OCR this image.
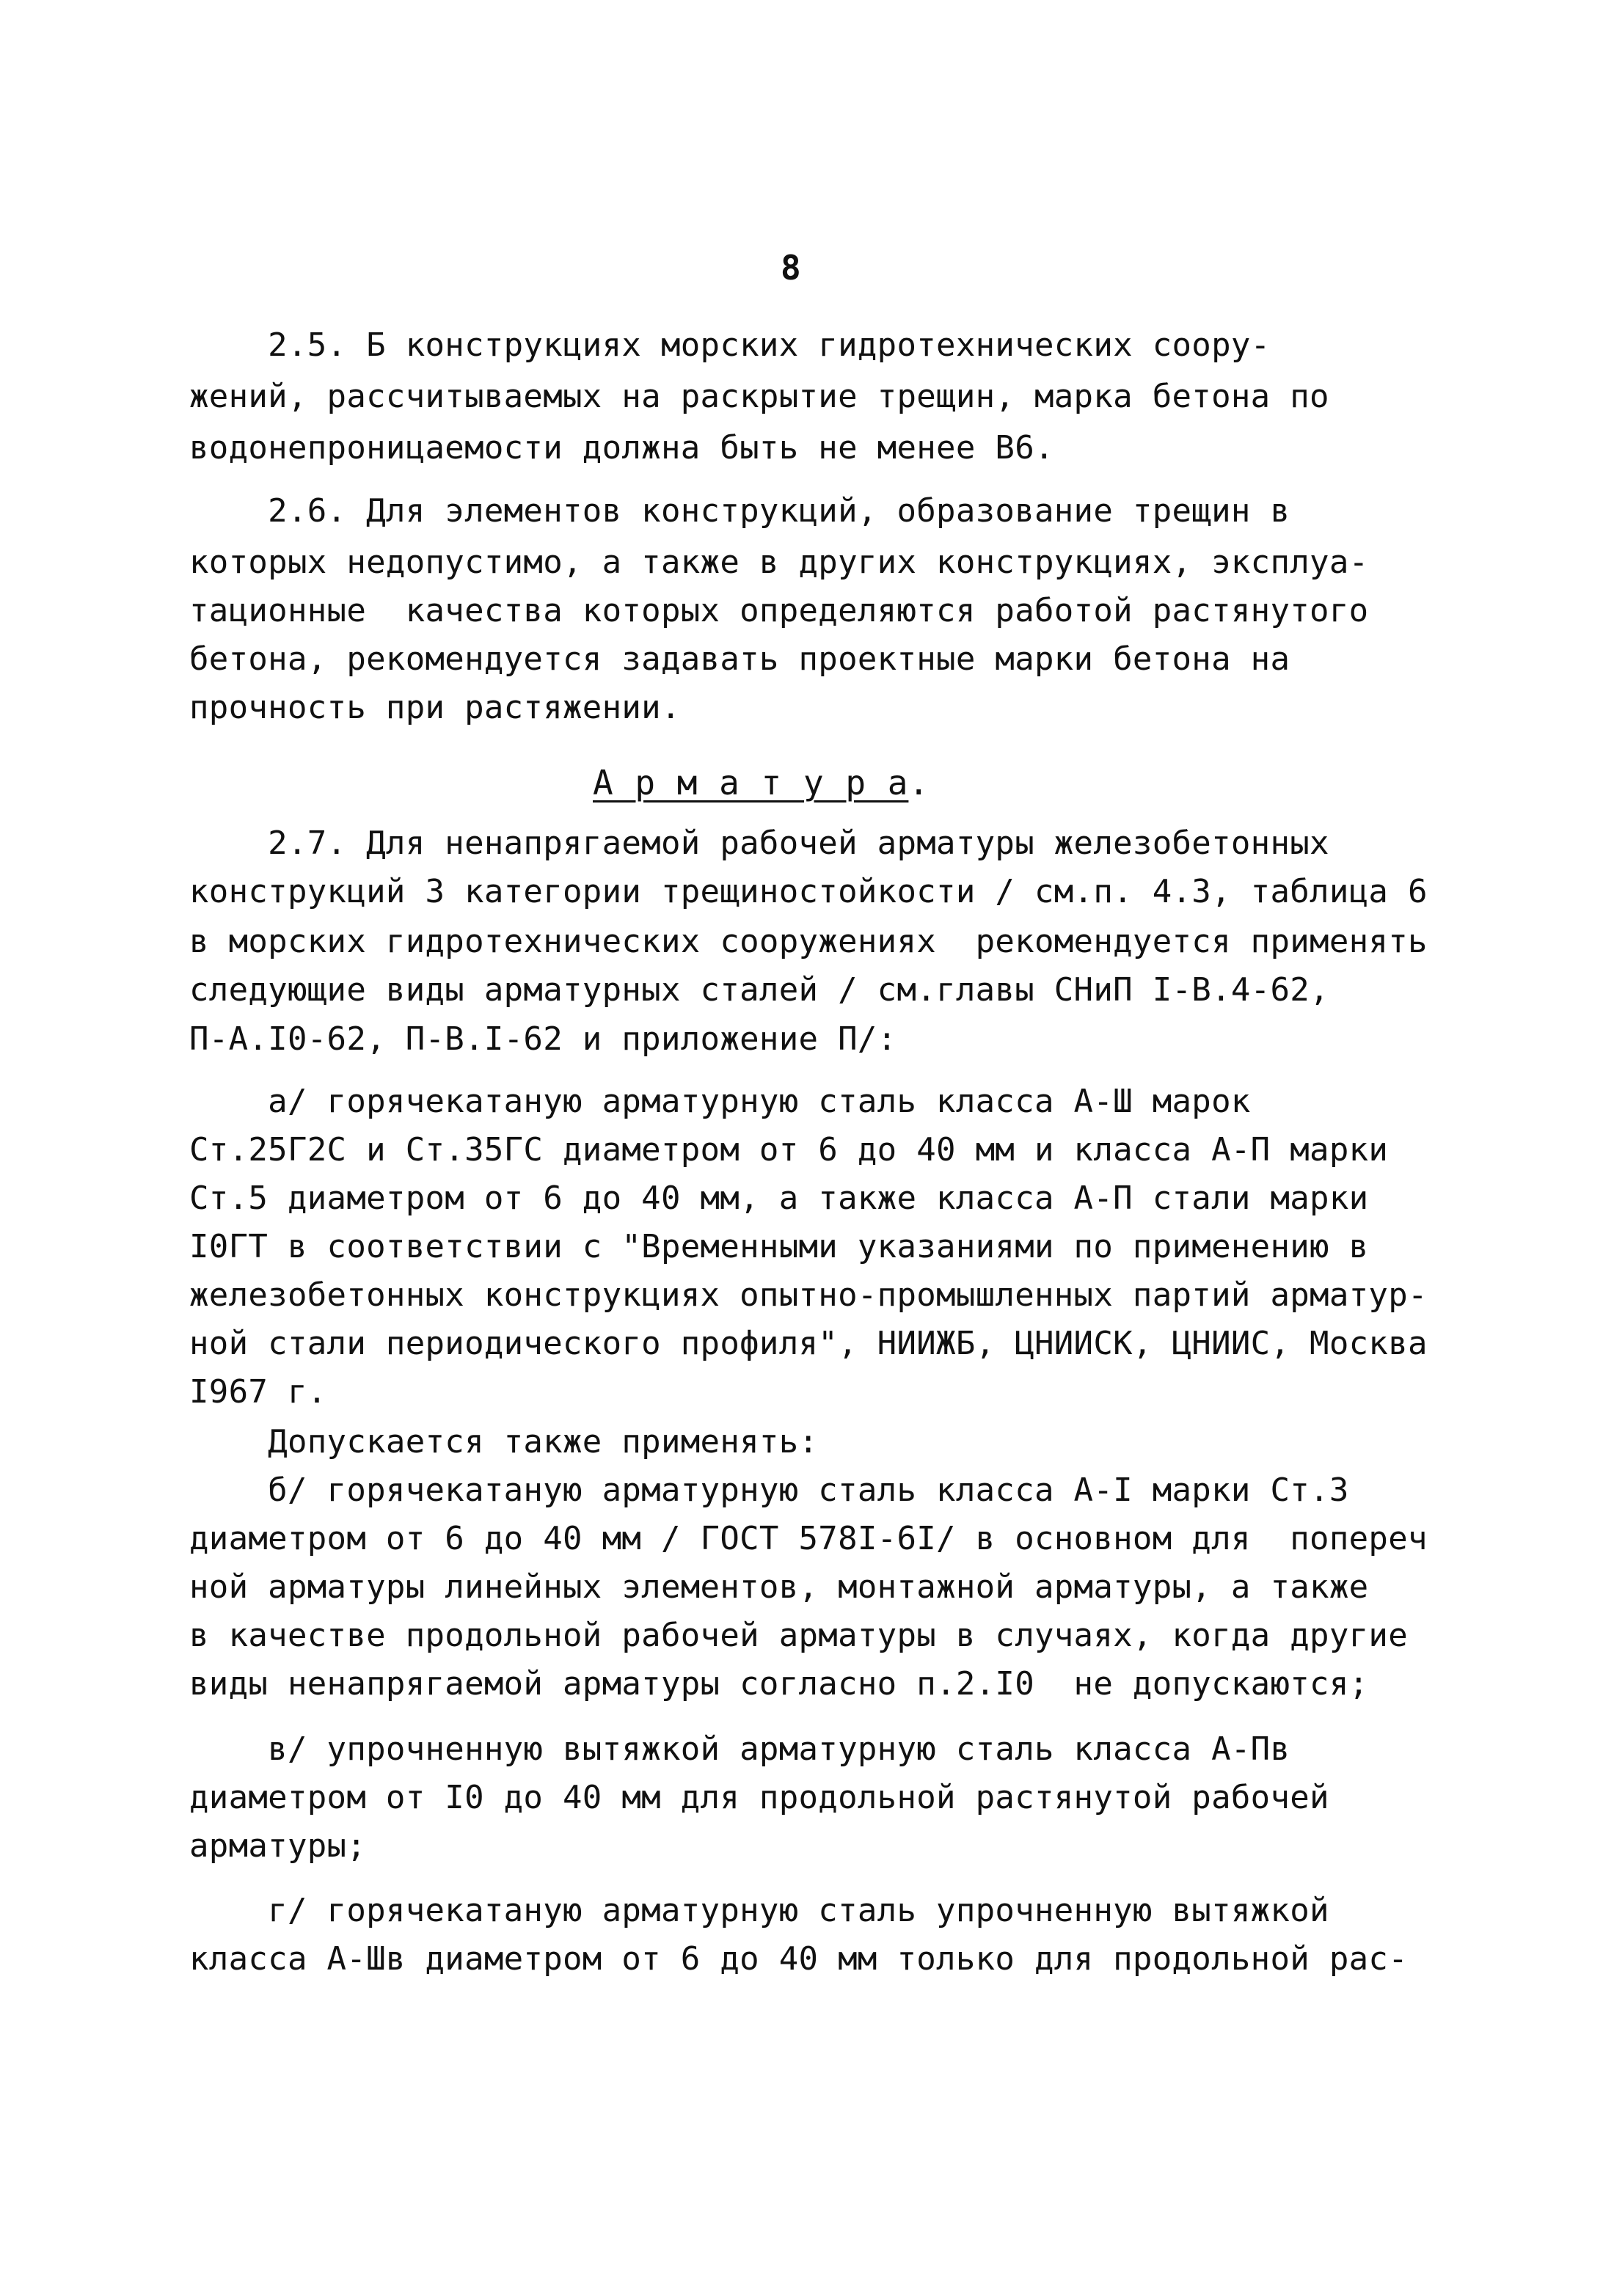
8
2.5. Б конструкциях морских гидротехнических соору-
жений, рассчитываемых на раскрытие трещин, марка бетона по
водонепроницаемости должна быть не менее В6.
2.6. Для элементов конструкций, образование трещин в
которых недопустимо, а также в других конструкциях, эксплуа-
тационные  качества которых определяются работой растянутого
бетона, рекомендуется задавать проектные марки бетона на
прочность при растяжении.
А р м а т у р а.
2.7. Для ненапрягаемой рабочей арматуры железобетонных
конструкций 3 категории трещиностойкости / см.п. 4.3, таблица 6
в морских гидротехнических сооружениях  рекомендуется применять
следующие виды арматурных сталей / см.главы СНиП I-В.4-62,
П-А.I0-62, П-В.I-62 и приложение П/:
а/ горячекатаную арматурную сталь класса А-Ш марок
Ст.25Г2С и Ст.35ГС диаметром от 6 до 40 мм и класса А-П марки
Ст.5 диаметром от 6 до 40 мм, а также класса А-П стали марки
I0ГТ в соответствии с "Временными указаниями по применению в
железобетонных конструкциях опытно-промышленных партий арматур-
ной стали периодического профиля", НИИЖБ, ЦНИИСК, ЦНИИС, Москва
I967 г.
Допускается также применять:
б/ горячекатаную арматурную сталь класса А-I марки Ст.3
диаметром от 6 до 40 мм / ГОСТ 578I-6I/ в основном для  попереч
ной арматуры линейных элементов, монтажной арматуры, а также
в качестве продольной рабочей арматуры в случаях, когда другие
виды ненапрягаемой арматуры согласно п.2.I0  не допускаются;
в/ упрочненную вытяжкой арматурную сталь класса А-Пв
диаметром от I0 до 40 мм для продольной растянутой рабочей
арматуры;
г/ горячекатаную арматурную сталь упрочненную вытяжкой
класса А-Шв диаметром от 6 до 40 мм только для продольной рас-
